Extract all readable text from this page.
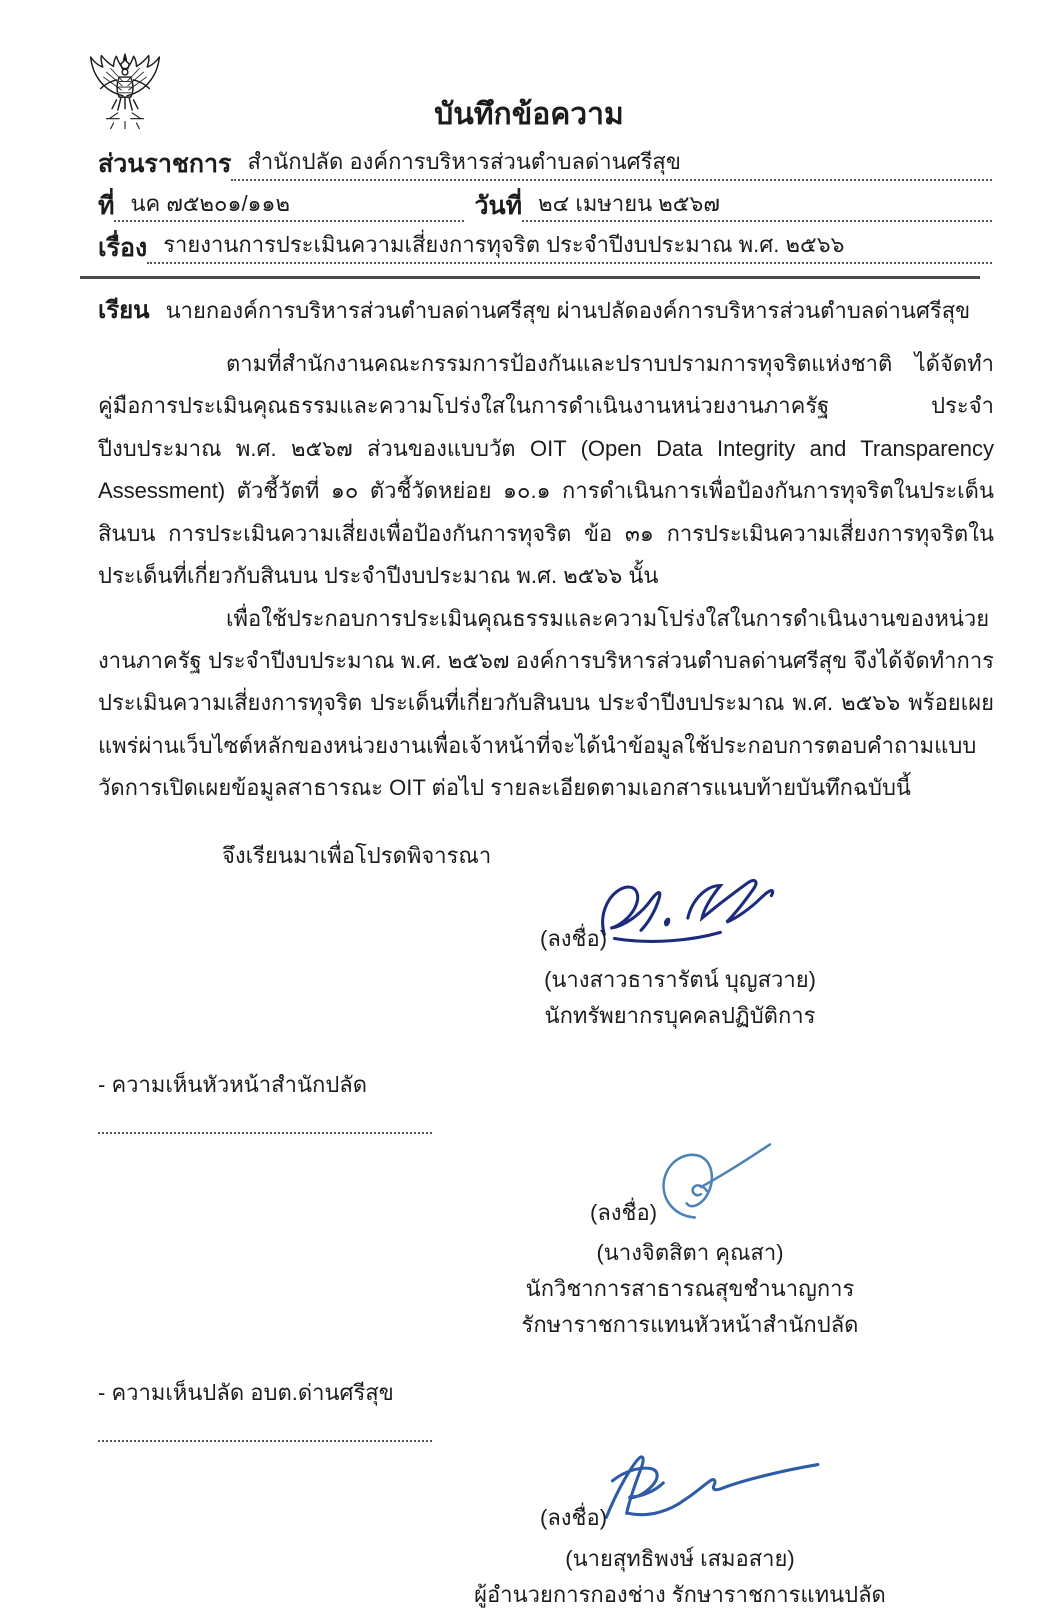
บันทึกข้อความ
ส่วนราชการ สำนักปลัด องค์การบริหารส่วนตำบลด่านศรีสุข
ที่ นค ๗๕๒๐๑/๑๑๒	วันที่ ๒๔ เมษายน ๒๕๖๗
เรื่อง รายงานการประเมินความเสี่ยงการทุจริต ประจำปีงบประมาณ พ.ศ. ๒๕๖๖
เรียน นายกองค์การบริหารส่วนตำบลด่านศรีสุข ผ่านปลัดองค์การบริหารส่วนตำบลด่านศรีสุข

ตามที่สำนักงานคณะกรรมการป้องกันและปราบปรามการทุจริตแห่งชาติ ได้จัดทำคู่มือการประเมินคุณธรรมและความโปร่งใสในการดำเนินงานหน่วยงานภาครัฐ ประจำปีงบประมาณ พ.ศ. ๒๕๖๗ ส่วนของแบบวัต OIT (Open Data Integrity and Transparency Assessment) ตัวชี้วัตที่ ๑๐ ตัวชี้วัดหย่อย ๑๐.๑ การดำเนินการเพื่อป้องกันการทุจริตในประเด็นสินบน การประเมินความเสี่ยงเพื่อป้องกันการทุจริต ข้อ ๓๑ การประเมินความเสี่ยงการทุจริตในประเด็นที่เกี่ยวกับสินบน ประจำปีงบประมาณ พ.ศ. ๒๕๖๖ นั้น

เพื่อใช้ประกอบการประเมินคุณธรรมและความโปร่งใสในการดำเนินงานของหน่วยงานภาครัฐ ประจำปีงบประมาณ พ.ศ. ๒๕๖๗ องค์การบริหารส่วนตำบลด่านศรีสุข จึงได้จัดทำการประเมินความเสี่ยงการทุจริต ประเด็นที่เกี่ยวกับสินบน ประจำปีงบประมาณ พ.ศ. ๒๕๖๖ พร้อยเผยแพร่ผ่านเว็บไซต์หลักของหน่วยงานเพื่อเจ้าหน้าที่จะได้นำข้อมูลใช้ประกอบการตอบคำถามแบบวัดการเปิดเผยข้อมูลสาธารณะ OIT ต่อไป รายละเอียดตามเอกสารแนบท้ายบันทึกฉบับนี้

จึงเรียนมาเพื่อโปรดพิจารณา
(ลงชื่อ)
(นางสาวธารารัตน์ บุญสวาย)
นักทรัพยากรบุคคลปฏิบัติการ
- ความเห็นหัวหน้าสำนักปลัด
(ลงชื่อ)
(นางจิตสิตา คุณสา)
นักวิชาการสาธารณสุขชำนาญการ
รักษาราชการแทนหัวหน้าสำนักปลัด
- ความเห็นปลัด อบต.ด่านศรีสุข
(ลงชื่อ)
(นายสุทธิพงษ์ เสมอสาย)
ผู้อำนวยการกองช่าง รักษาราชการแทนปลัด
